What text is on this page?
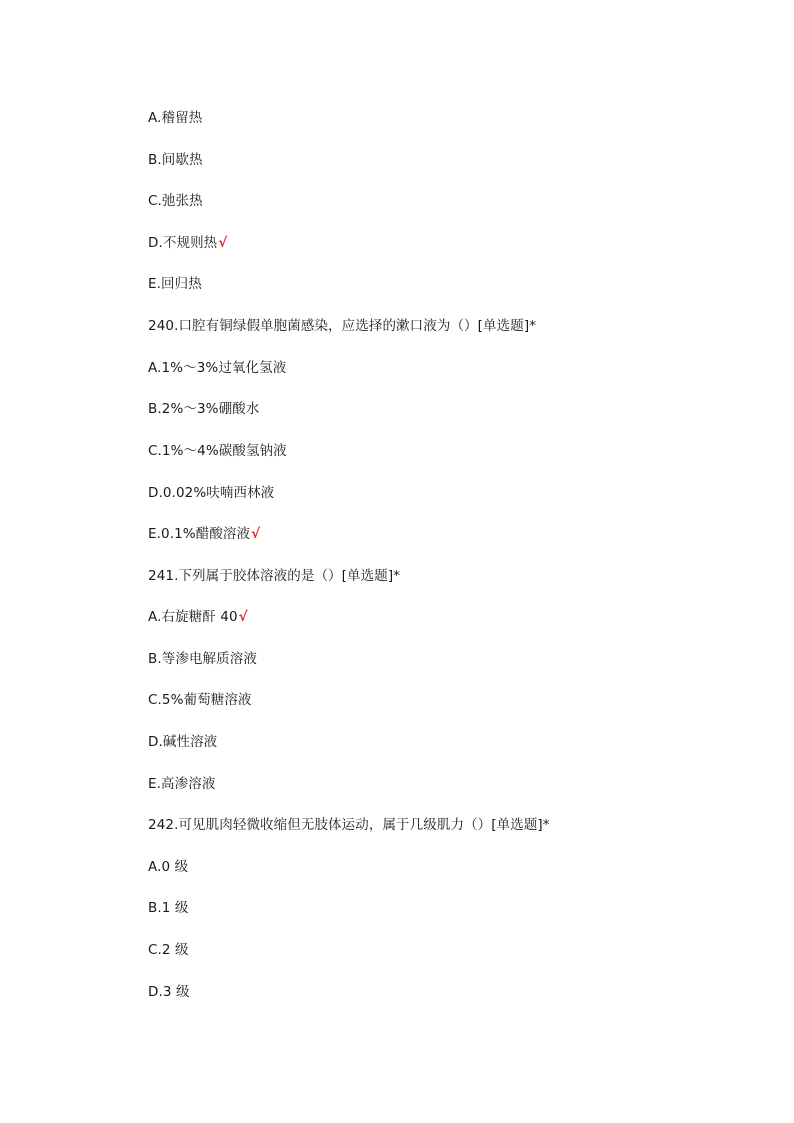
A.稽留热
B.间歇热
C.弛张热
D.不规则热√
E.回归热
240.口腔有铜绿假单胞菌感染，应选择的漱口液为（）[单选题]*
A.1%～3%过氧化氢液
B.2%～3%硼酸水
C.1%～4%碳酸氢钠液
D.0.02%呋喃西林液
E.0.1%醋酸溶液√
241.下列属于胶体溶液的是（）[单选题]*
A.右旋糖酐 40√
B.等渗电解质溶液
C.5%葡萄糖溶液
D.碱性溶液
E.高渗溶液
242.可见肌肉轻微收缩但无肢体运动，属于几级肌力（）[单选题]*
A.0 级
B.1 级
C.2 级
D.3 级
